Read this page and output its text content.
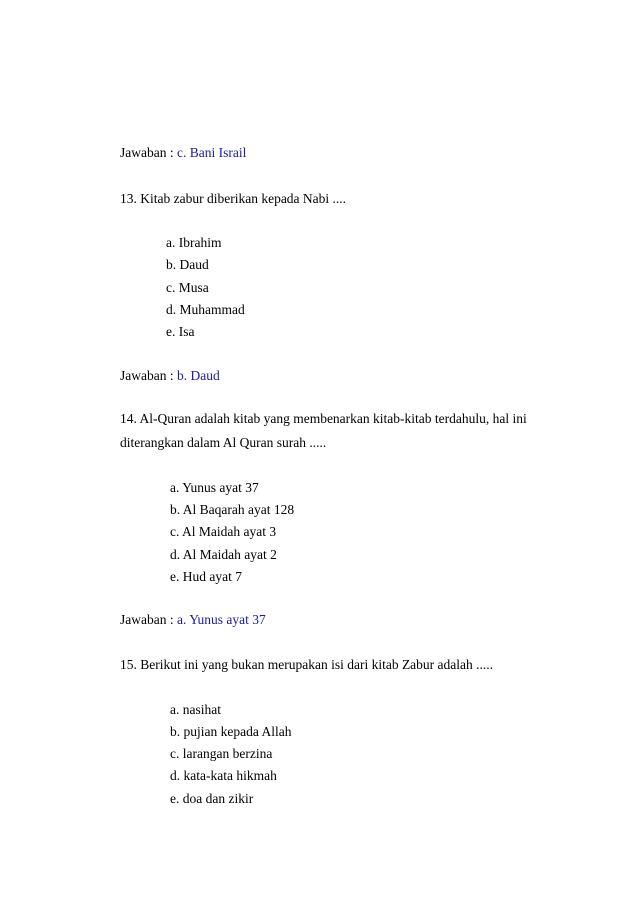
Jawaban : c. Bani Israil
13. Kitab zabur diberikan kepada Nabi ....
a. Ibrahim
b. Daud
c. Musa
d. Muhammad
e. Isa
Jawaban : b. Daud
14. Al-Quran adalah kitab yang membenarkan kitab-kitab terdahulu, hal ini
diterangkan dalam Al Quran surah .....
a. Yunus ayat 37
b. Al Baqarah ayat 128
c. Al Maidah ayat 3
d. Al Maidah ayat 2
e. Hud ayat 7
Jawaban : a. Yunus ayat 37
15. Berikut ini yang bukan merupakan isi dari kitab Zabur adalah .....
a. nasihat
b. pujian kepada Allah
c. larangan berzina
d. kata-kata hikmah
e. doa dan zikir
